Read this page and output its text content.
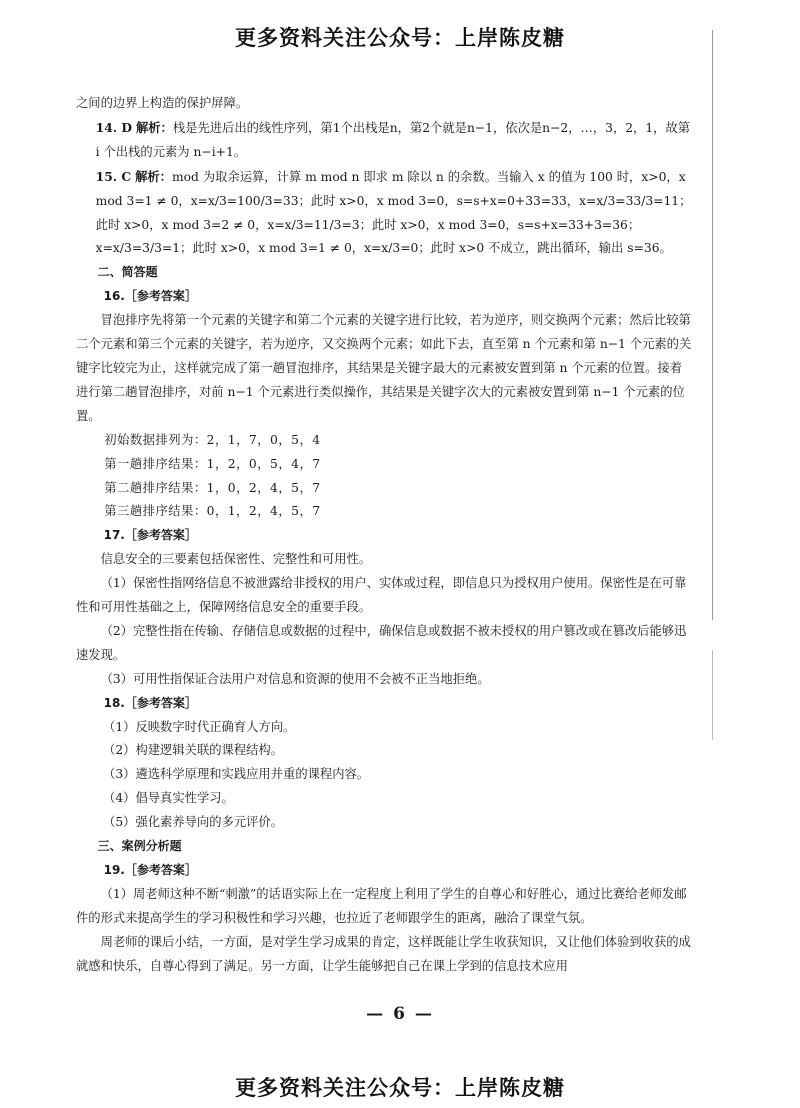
更多资料关注公众号：上岸陈皮糖

之间的边界上构造的保护屏障。

14. D 解析：栈是先进后出的线性序列，第1个出栈是n，第2个就是n−1，依次是n−2，…，3，2，1，故第 i 个出栈的元素为 n−i+1。

15. C 解析：mod 为取余运算，计算 m mod n 即求 m 除以 n 的余数。当输入 x 的值为 100 时，x>0，x mod 3=1 ≠ 0，x=x/3=100/3=33；此时 x>0，x mod 3=0，s=s+x=0+33=33，x=x/3=33/3=11；此时 x>0，x mod 3=2 ≠ 0，x=x/3=11/3=3；此时 x>0，x mod 3=0，s=s+x=33+3=36；x=x/3=3/3=1；此时 x>0，x mod 3=1 ≠ 0，x=x/3=0；此时 x>0 不成立，跳出循环，输出 s=36。

二、简答题

16.［参考答案］

冒泡排序先将第一个元素的关键字和第二个元素的关键字进行比较，若为逆序，则交换两个元素；然后比较第二个元素和第三个元素的关键字，若为逆序，又交换两个元素；如此下去，直至第 n 个元素和第 n−1 个元素的关键字比较完为止，这样就完成了第一趟冒泡排序，其结果是关键字最大的元素被安置到第 n 个元素的位置。接着进行第二趟冒泡排序，对前 n−1 个元素进行类似操作，其结果是关键字次大的元素被安置到第 n−1 个元素的位置。

初始数据排列为：2，1，7，0，5，4

第一趟排序结果：1，2，0，5，4，7

第二趟排序结果：1，0，2，4，5，7

第三趟排序结果：0，1，2，4，5，7

17.［参考答案］

信息安全的三要素包括保密性、完整性和可用性。

（1）保密性指网络信息不被泄露给非授权的用户、实体或过程，即信息只为授权用户使用。保密性是在可靠性和可用性基础之上，保障网络信息安全的重要手段。

（2）完整性指在传输、存储信息或数据的过程中，确保信息或数据不被未授权的用户篡改或在篡改后能够迅速发现。

（3）可用性指保证合法用户对信息和资源的使用不会被不正当地拒绝。

18.［参考答案］

（1）反映数字时代正确育人方向。

（2）构建逻辑关联的课程结构。

（3）遴选科学原理和实践应用并重的课程内容。

（4）倡导真实性学习。

（5）强化素养导向的多元评价。

三、案例分析题

19.［参考答案］

（1）周老师这种不断“刺激”的话语实际上在一定程度上利用了学生的自尊心和好胜心，通过比赛给老师发邮件的形式来提高学生的学习积极性和学习兴趣，也拉近了老师跟学生的距离，融洽了课堂气氛。

周老师的课后小结，一方面，是对学生学习成果的肯定，这样既能让学生收获知识，又让他们体验到收获的成就感和快乐，自尊心得到了满足。另一方面，让学生能够把自己在课上学到的信息技术应用

— 6 —
更多资料关注公众号：上岸陈皮糖
